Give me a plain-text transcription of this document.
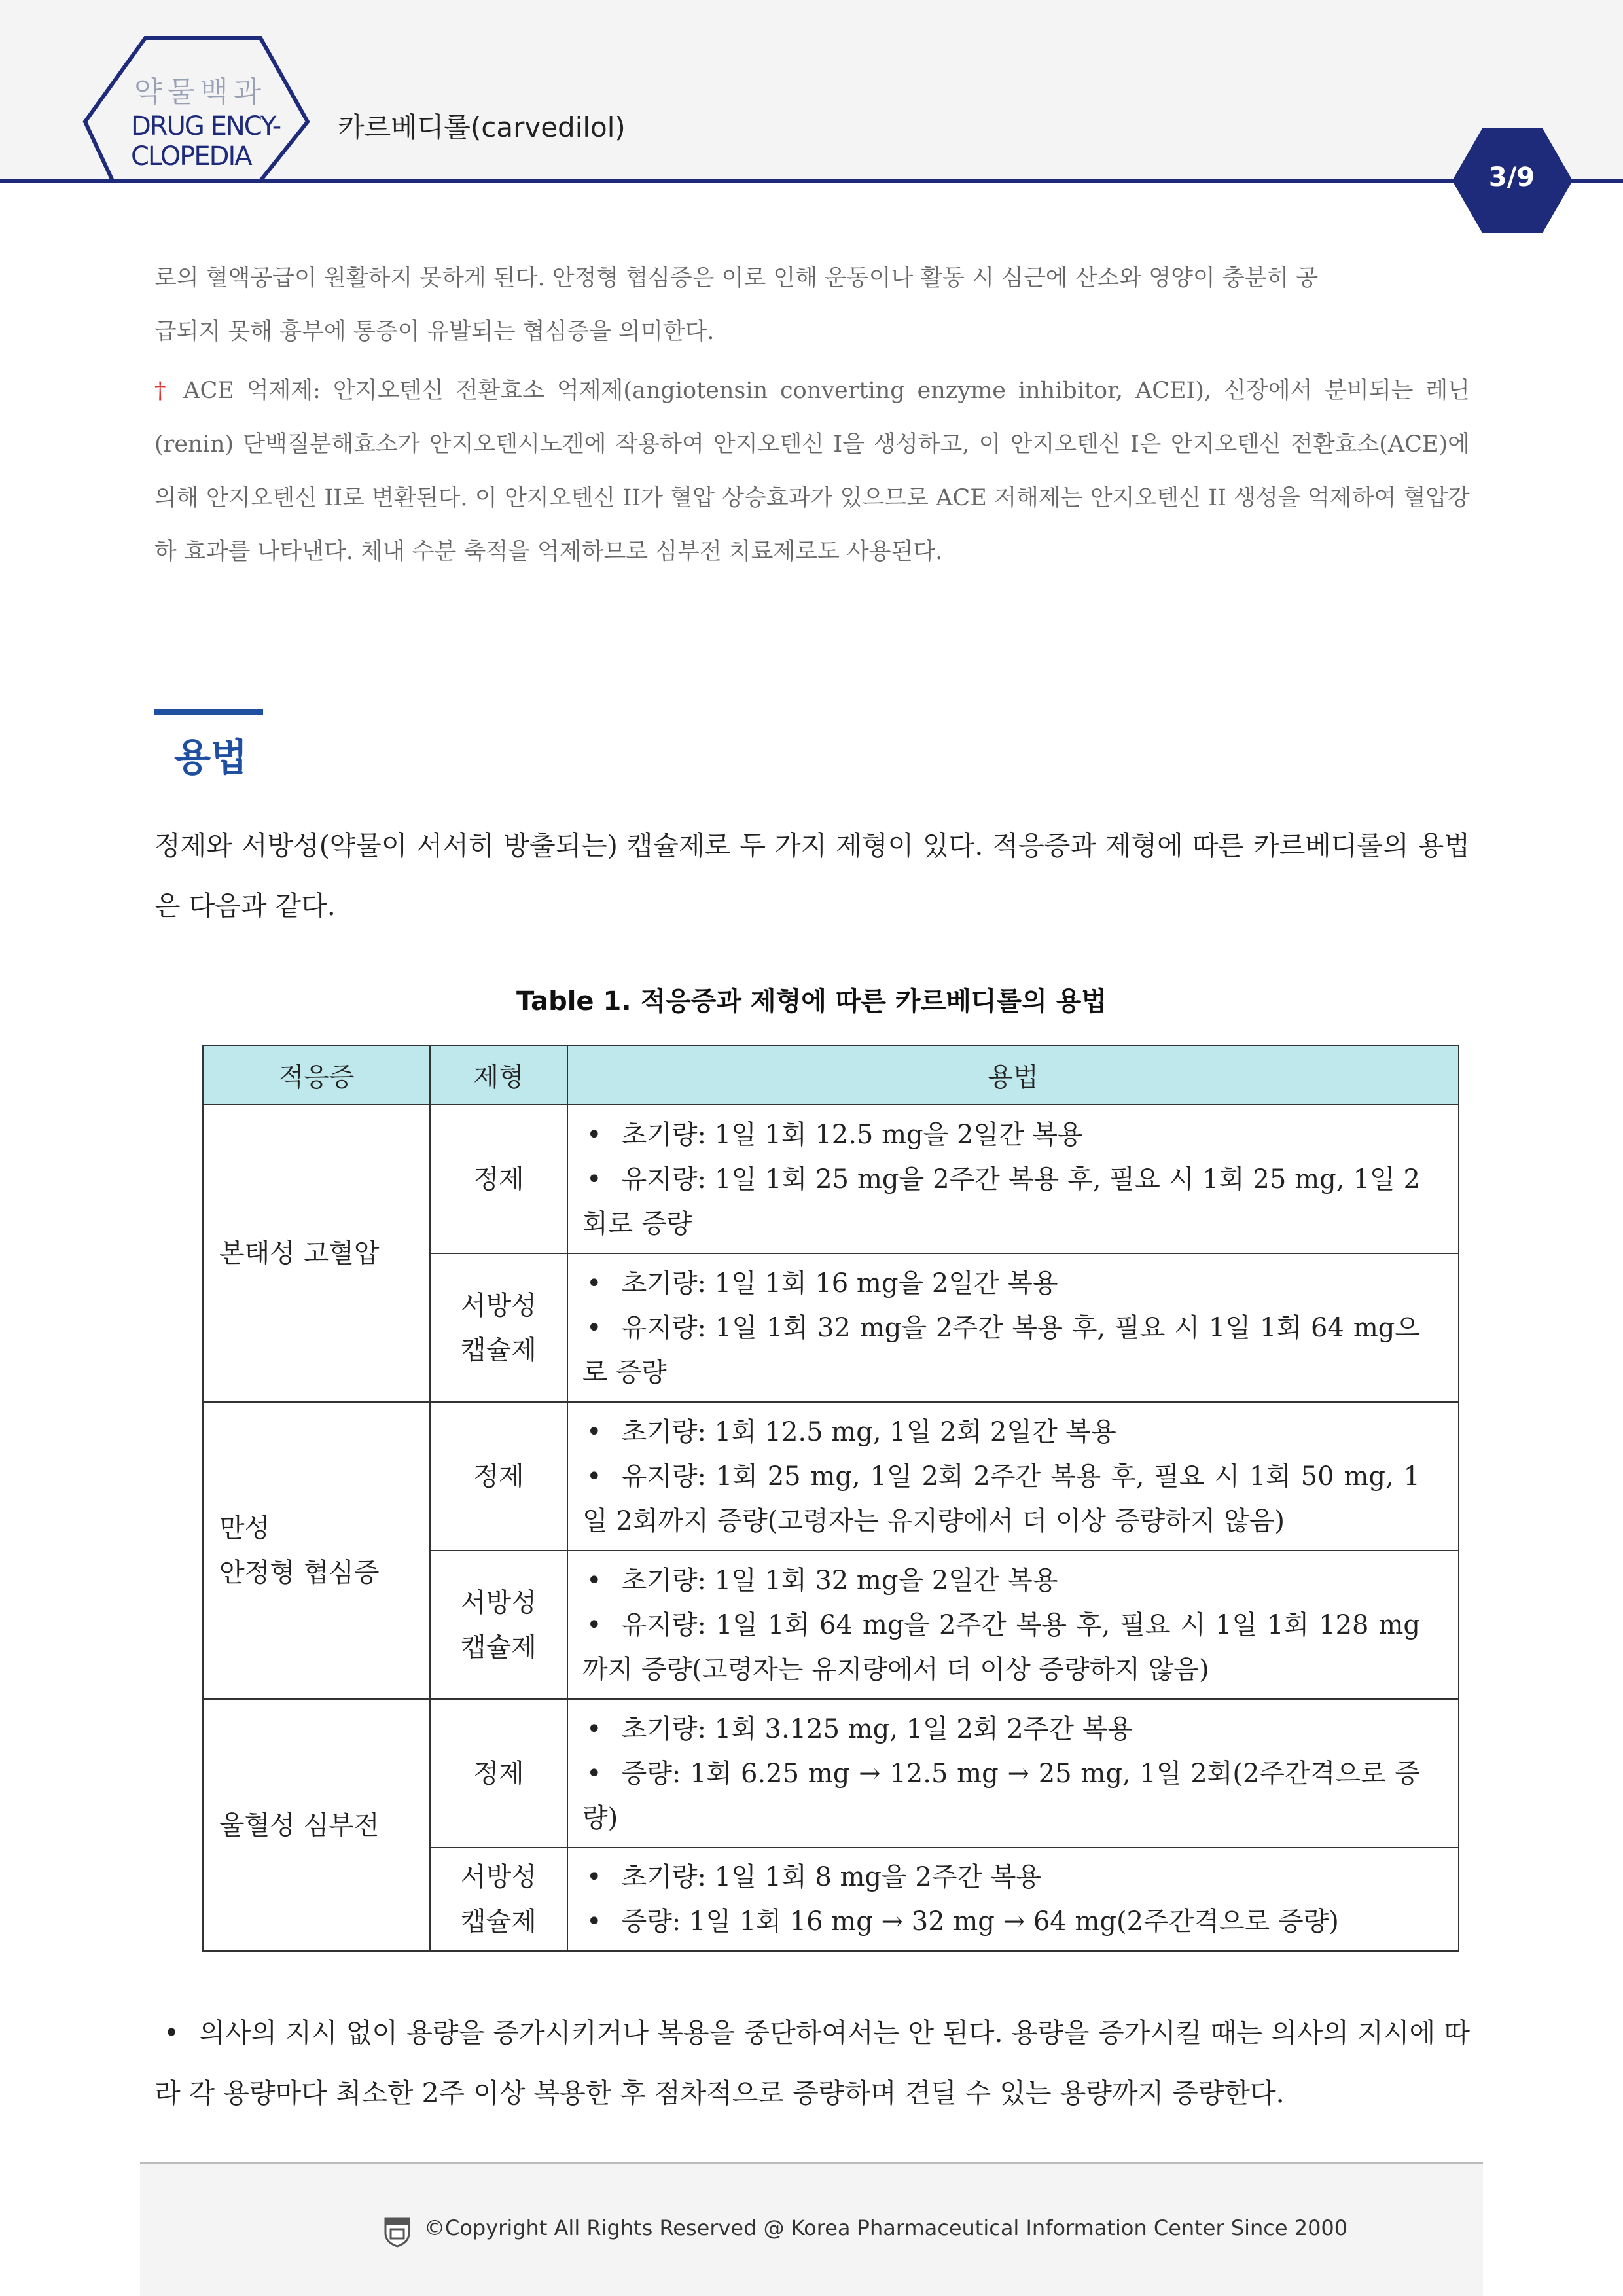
약물백과
DRUG ENCY-
CLOPEDIA
카르베디롤(carvedilol)
3/9
로의 혈액공급이 원활하지 못하게 된다. 안정형 협심증은 이로 인해 운동이나 활동 시 심근에 산소와 영양이 충분히 공
급되지 못해 흉부에 통증이 유발되는 협심증을 의미한다.
† ACE 억제제: 안지오텐신 전환효소 억제제(angiotensin converting enzyme inhibitor, ACEI), 신장에서 분비되는 레닌(renin) 단백질분해효소가 안지오텐시노겐에 작용하여 안지오텐신 I을 생성하고, 이 안지오텐신 I은 안지오텐신 전환효소(ACE)에 의해 안지오텐신 II로 변환된다. 이 안지오텐신 II가 혈압 상승효과가 있으므로 ACE 저해제는 안지오텐신 II 생성을 억제하여 혈압강하 효과를 나타낸다. 체내 수분 축적을 억제하므로 심부전 치료제로도 사용된다.
용법
정제와 서방성(약물이 서서히 방출되는) 캡슐제로 두 가지 제형이 있다. 적응증과 제형에 따른 카르베디롤의 용법은 다음과 같다.
Table 1. 적응증과 제형에 따른 카르베디롤의 용법
적응증	제형	용법
본태성 고혈압	정제	• 초기량: 1일 1회 12.5 mg을 2일간 복용
• 유지량: 1일 1회 25 mg을 2주간 복용 후, 필요 시 1회 25 mg, 1일 2회로 증량

	서방성
캡슐제	• 초기량: 1일 1회 16 mg을 2일간 복용
• 유지량: 1일 1회 32 mg을 2주간 복용 후, 필요 시 1일 1회 64 mg으로 증량

만성
안정형 협심증	정제	• 초기량: 1회 12.5 mg, 1일 2회 2일간 복용
• 유지량: 1회 25 mg, 1일 2회 2주간 복용 후, 필요 시 1회 50 mg, 1일 2회까지 증량(고령자는 유지량에서 더 이상 증량하지 않음)

	서방성
캡슐제	• 초기량: 1일 1회 32 mg을 2일간 복용
• 유지량: 1일 1회 64 mg을 2주간 복용 후, 필요 시 1일 1회 128 mg까지 증량(고령자는 유지량에서 더 이상 증량하지 않음)

울혈성 심부전	정제	• 초기량: 1회 3.125 mg, 1일 2회 2주간 복용
• 증량: 1회 6.25 mg → 12.5 mg → 25 mg, 1일 2회(2주간격으로 증량)

	서방성
캡슐제	• 초기량: 1일 1회 8 mg을 2주간 복용
• 증량: 1일 1회 16 mg → 32 mg → 64 mg(2주간격으로 증량)
• 의사의 지시 없이 용량을 증가시키거나 복용을 중단하여서는 안 된다. 용량을 증가시킬 때는 의사의 지시에 따라 각 용량마다 최소한 2주 이상 복용한 후 점차적으로 증량하며 견딜 수 있는 용량까지 증량한다.
©Copyright All Rights Reserved @ Korea Pharmaceutical Information Center Since 2000
